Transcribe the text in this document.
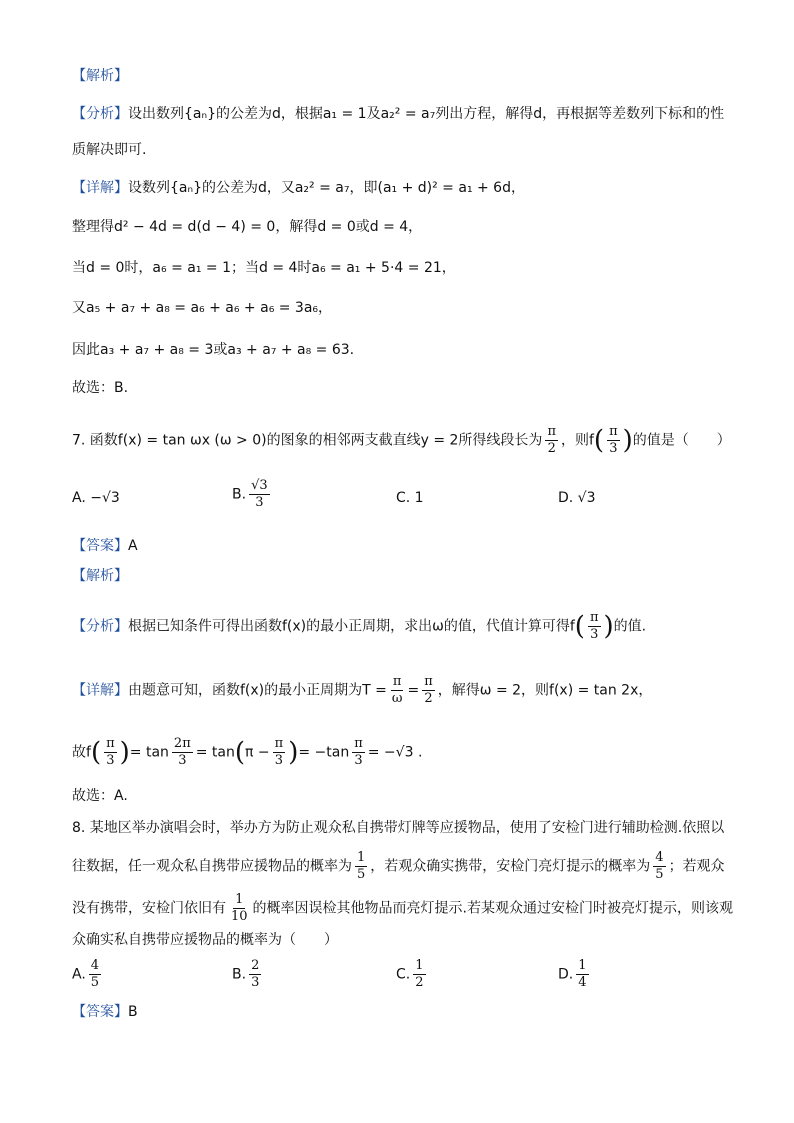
【解析】
【分析】设出数列{aₙ}的公差为d，根据a₁ = 1及a₂² = a₇列出方程，解得d，再根据等差数列下标和的性
质解决即可.
【详解】设数列{aₙ}的公差为d，又a₂² = a₇，即(a₁ + d)² = a₁ + 6d，
整理得d² − 4d = d(d − 4) = 0，解得d = 0或d = 4，
当d = 0时，a₆ = a₁ = 1；当d = 4时a₆ = a₁ + 5·4 = 21，
又a₅ + a₇ + a₈ = a₆ + a₆ + a₆ = 3a₆，
因此a₃ + a₇ + a₈ = 3或a₃ + a₇ + a₈ = 63.
故选：B.
7. 函数f(x) = tan ωx (ω > 0)的图象的相邻两支截直线y = 2所得线段长为 $\frac{\pi}{2}$ ，则$f( \frac{\pi}{3}$ )的值是（　　）
A. −√3	B. $\frac{√3}{3}$	C. 1	D. √3
【答案】A
【解析】
【分析】根据已知条件可得出函数f(x)的最小正周期，求出ω的值，代值计算可得$f( \frac{\pi}{3}$ )的值.
【详解】由题意可知，函数f(x)的最小正周期为$T = \frac{\pi}{\omega} = \frac{\pi}{2}$ ，解得ω = 2，则f(x) = tan 2x，
故$f( \frac{\pi}{3}$ )= $\tan \frac{2\pi}{3} = \tan(\pi - \frac{\pi}{3}$ )= $-\tan \frac{\pi}{3} = -√3$ .
故选：A.
8. 某地区举办演唱会时，举办方为防止观众私自携带灯牌等应援物品，使用了安检门进行辅助检测.依照以
往数据，任一观众私自携带应援物品的概率为 $\frac{1}{5}$ ，若观众确实携带，安检门亮灯提示的概率为 $\frac{4}{5}$ ；若观众
没有携带，安检门依旧有 $\frac{1}{10}$ 的概率因误检其他物品而亮灯提示.若某观众通过安检门时被亮灯提示，则该观
众确实私自携带应援物品的概率为（　　）
A. $\frac{4}{5}$	B. $\frac{2}{3}$	C. $\frac{1}{2}$	D. $\frac{1}{4}$
【答案】B
